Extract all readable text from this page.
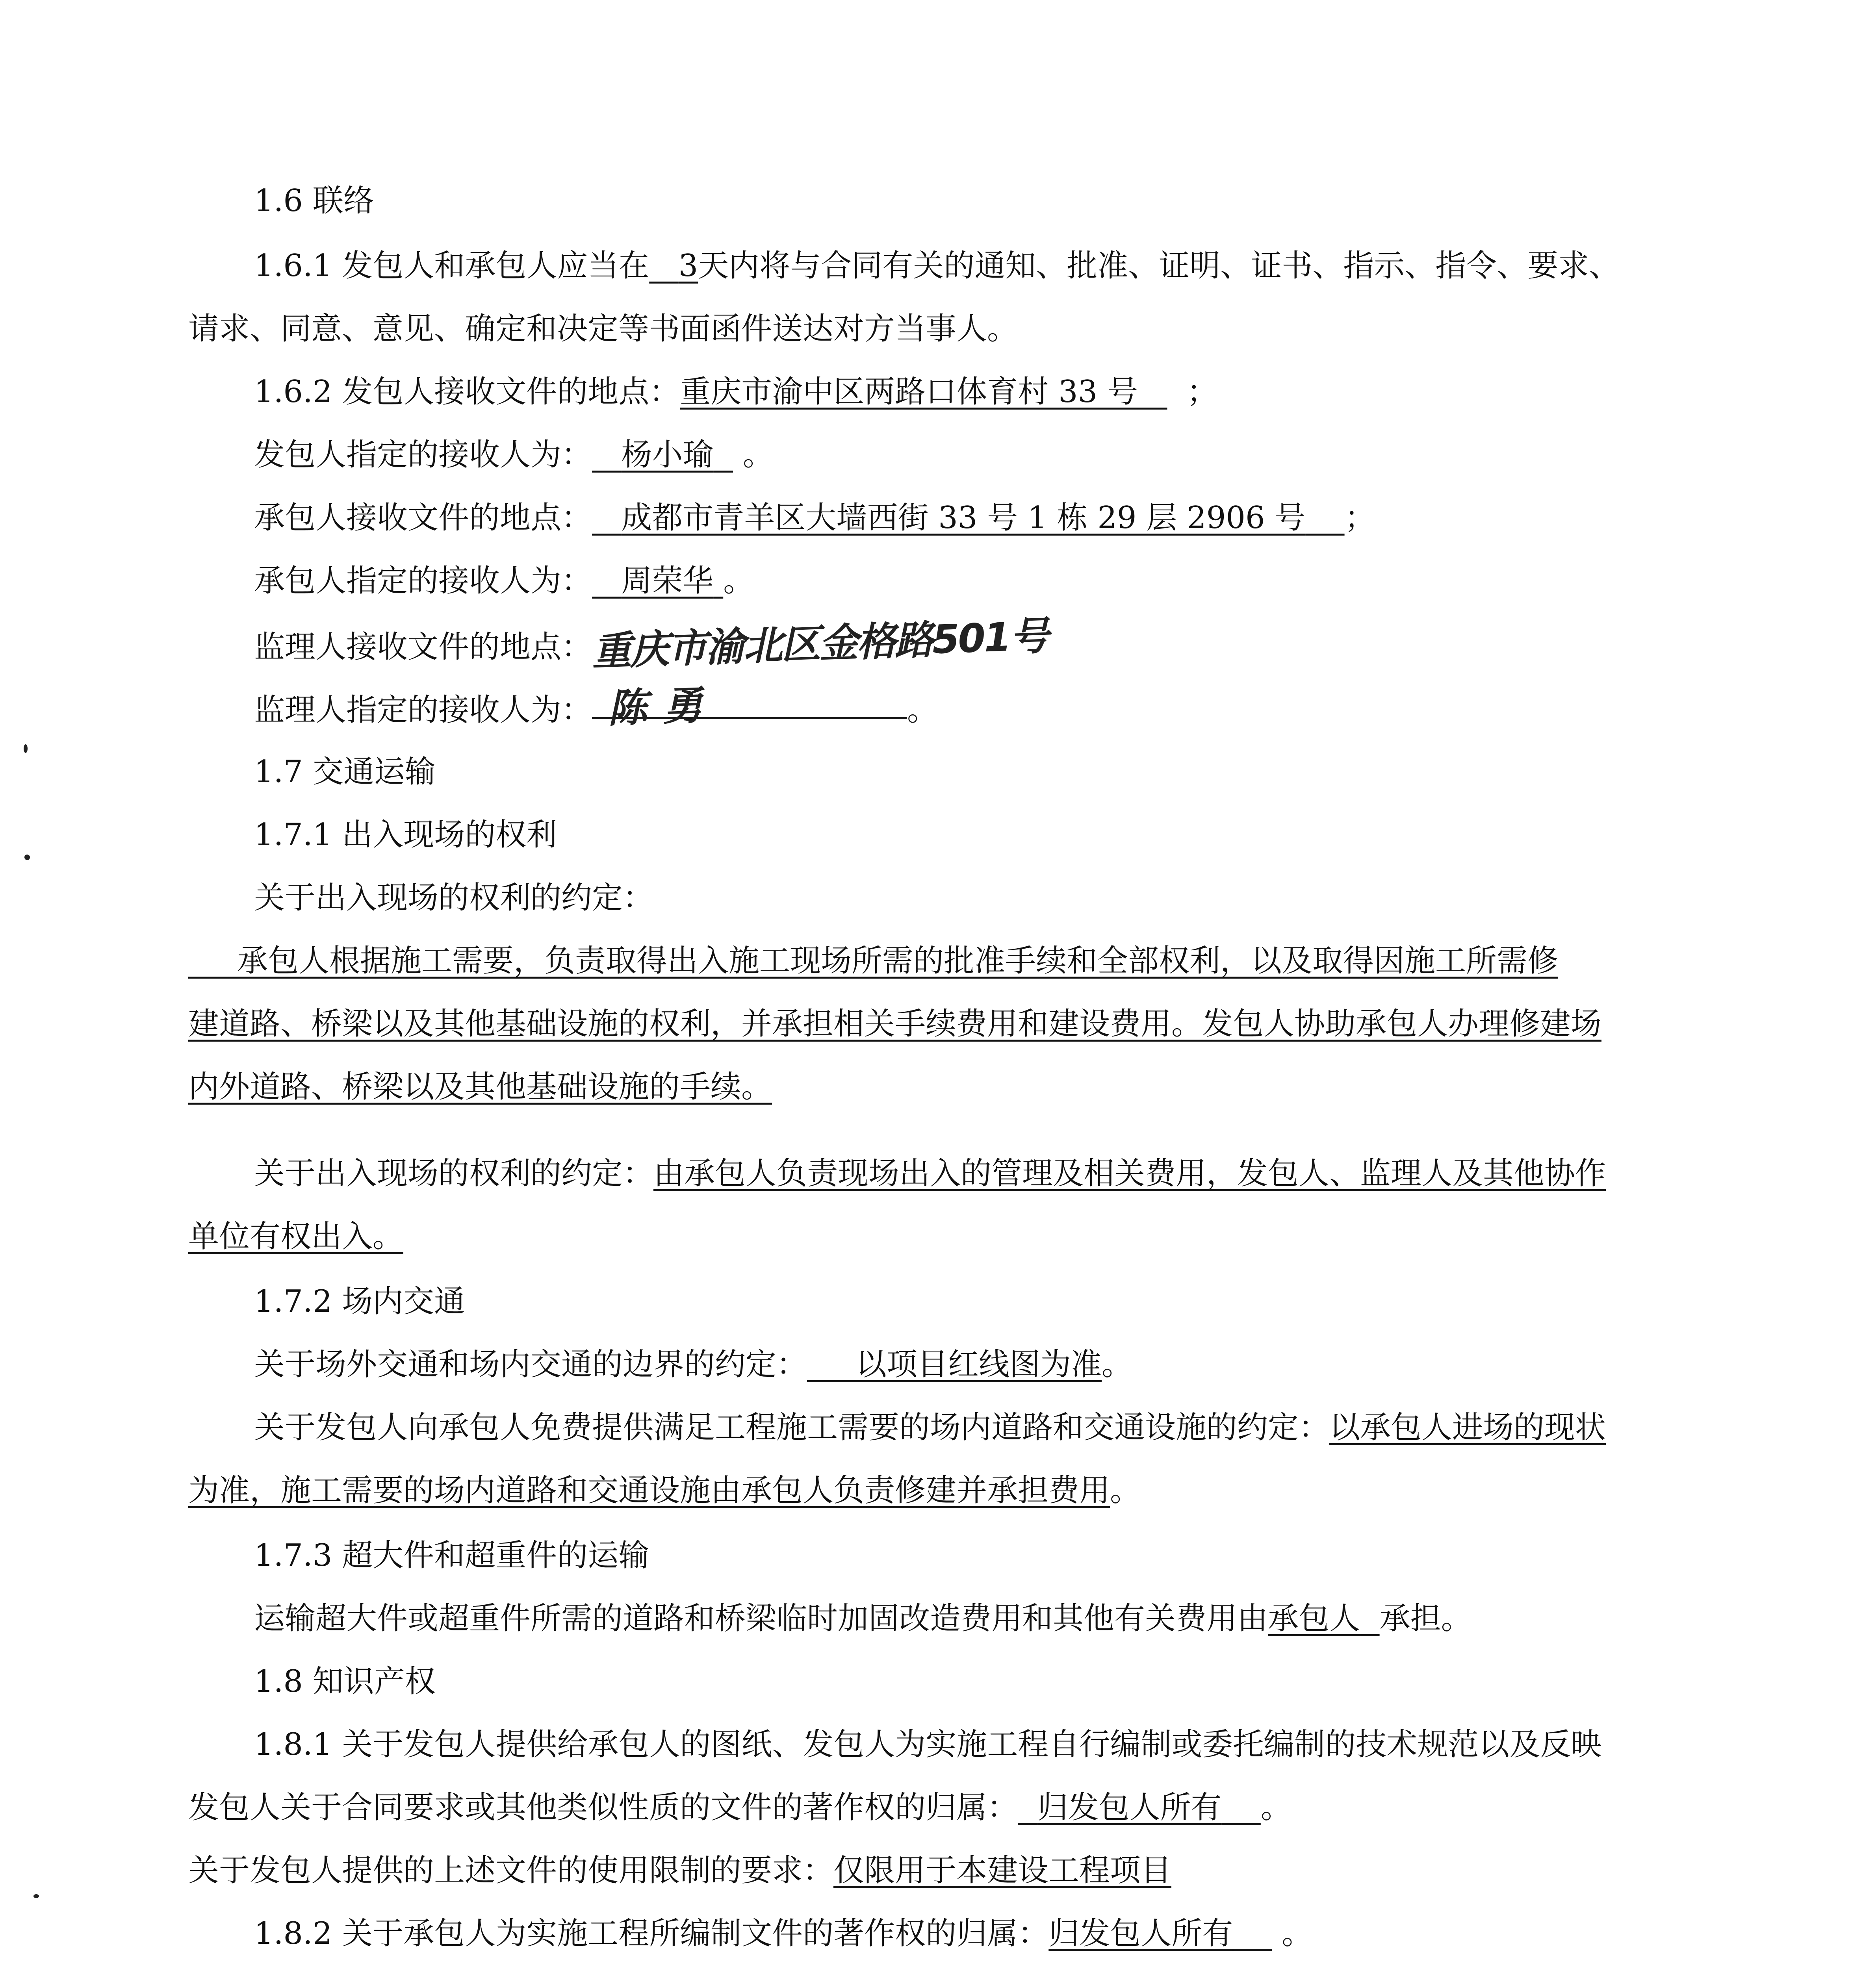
1.6 联络
1.6.1 发包人和承包人应当在 3天内将与合同有关的通知、批准、证明、证书、指示、指令、要求、
请求、同意、意见、确定和决定等书面函件送达对方当事人。
1.6.2 发包人接收文件的地点：重庆市渝中区两路口体育村 33 号 ；
发包人指定的接收人为： 杨小瑜 。
承包人接收文件的地点： 成都市青羊区大墙西街 33 号 1 栋 29 层 2906 号 ；
承包人指定的接收人为： 周荣华 。
监理人接收文件的地点：重庆市渝北区金格路501号
监理人指定的接收人为： 陈勇	。
1.7 交通运输
1.7.1 出入现场的权利
关于出入现场的权利的约定：
承包人根据施工需要，负责取得出入施工现场所需的批准手续和全部权利，以及取得因施工所需修
建道路、桥梁以及其他基础设施的权利，并承担相关手续费用和建设费用。发包人协助承包人办理修建场
内外道路、桥梁以及其他基础设施的手续。
关于出入现场的权利的约定：由承包人负责现场出入的管理及相关费用，发包人、监理人及其他协作
单位有权出入。
1.7.2 场内交通
关于场外交通和场内交通的边界的约定： 以项目红线图为准。
关于发包人向承包人免费提供满足工程施工需要的场内道路和交通设施的约定：以承包人进场的现状
为准，施工需要的场内道路和交通设施由承包人负责修建并承担费用。
1.7.3 超大件和超重件的运输
运输超大件或超重件所需的道路和桥梁临时加固改造费用和其他有关费用由承包人 承担。
1.8 知识产权
1.8.1 关于发包人提供给承包人的图纸、发包人为实施工程自行编制或委托编制的技术规范以及反映
发包人关于合同要求或其他类似性质的文件的著作权的归属： 归发包人所有 。
关于发包人提供的上述文件的使用限制的要求：仅限用于本建设工程项目
1.8.2 关于承包人为实施工程所编制文件的著作权的归属：归发包人所有 。
